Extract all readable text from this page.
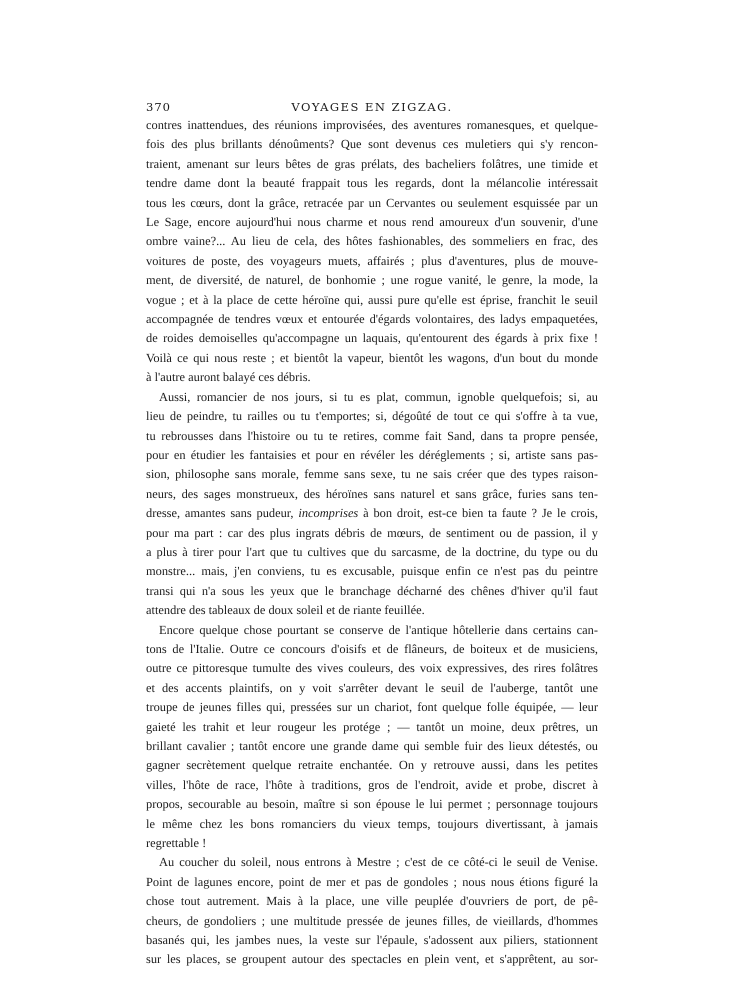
370	VOYAGES EN ZIGZAG.
contres inattendues, des réunions improvisées, des aventures romanesques, et quelque-
fois des plus brillants dénoûments? Que sont devenus ces muletiers qui s'y rencon-
traient, amenant sur leurs bêtes de gras prélats, des bacheliers folâtres, une timide et
tendre dame dont la beauté frappait tous les regards, dont la mélancolie intéressait
tous les cœurs, dont la grâce, retracée par un Cervantes ou seulement esquissée par un
Le Sage, encore aujourd'hui nous charme et nous rend amoureux d'un souvenir, d'une
ombre vaine?... Au lieu de cela, des hôtes fashionables, des sommeliers en frac, des
voitures de poste, des voyageurs muets, affairés ; plus d'aventures, plus de mouve-
ment, de diversité, de naturel, de bonhomie ; une rogue vanité, le genre, la mode, la
vogue ; et à la place de cette héroïne qui, aussi pure qu'elle est éprise, franchit le seuil
accompagnée de tendres vœux et entourée d'égards volontaires, des ladys empaquetées,
de roides demoiselles qu'accompagne un laquais, qu'entourent des égards à prix fixe !
Voilà ce qui nous reste ; et bientôt la vapeur, bientôt les wagons, d'un bout du monde
à l'autre auront balayé ces débris.
Aussi, romancier de nos jours, si tu es plat, commun, ignoble quelquefois; si, au
lieu de peindre, tu railles ou tu t'emportes; si, dégoûté de tout ce qui s'offre à ta vue,
tu rebrousses dans l'histoire ou tu te retires, comme fait Sand, dans ta propre pensée,
pour en étudier les fantaisies et pour en révéler les déréglements ; si, artiste sans pas-
sion, philosophe sans morale, femme sans sexe, tu ne sais créer que des types raison-
neurs, des sages monstrueux, des héroïnes sans naturel et sans grâce, furies sans ten-
dresse, amantes sans pudeur, incomprises à bon droit, est-ce bien ta faute ? Je le crois,
pour ma part : car des plus ingrats débris de mœurs, de sentiment ou de passion, il y
a plus à tirer pour l'art que tu cultives que du sarcasme, de la doctrine, du type ou du
monstre... mais, j'en conviens, tu es excusable, puisque enfin ce n'est pas du peintre
transi qui n'a sous les yeux que le branchage décharné des chênes d'hiver qu'il faut
attendre des tableaux de doux soleil et de riante feuillée.
Encore quelque chose pourtant se conserve de l'antique hôtellerie dans certains can-
tons de l'Italie. Outre ce concours d'oisifs et de flâneurs, de boiteux et de musiciens,
outre ce pittoresque tumulte des vives couleurs, des voix expressives, des rires folâtres
et des accents plaintifs, on y voit s'arrêter devant le seuil de l'auberge, tantôt une
troupe de jeunes filles qui, pressées sur un chariot, font quelque folle équipée, — leur
gaieté les trahit et leur rougeur les protége ; — tantôt un moine, deux prêtres, un
brillant cavalier ; tantôt encore une grande dame qui semble fuir des lieux détestés, ou
gagner secrètement quelque retraite enchantée. On y retrouve aussi, dans les petites
villes, l'hôte de race, l'hôte à traditions, gros de l'endroit, avide et probe, discret à
propos, secourable au besoin, maître si son épouse le lui permet ; personnage toujours
le même chez les bons romanciers du vieux temps, toujours divertissant, à jamais
regrettable !
Au coucher du soleil, nous entrons à Mestre ; c'est de ce côté-ci le seuil de Venise.
Point de lagunes encore, point de mer et pas de gondoles ; nous nous étions figuré la
chose tout autrement. Mais à la place, une ville peuplée d'ouvriers de port, de pê-
cheurs, de gondoliers ; une multitude pressée de jeunes filles, de vieillards, d'hommes
basanés qui, les jambes nues, la veste sur l'épaule, s'adossent aux piliers, stationnent
sur les places, se groupent autour des spectacles en plein vent, et s'apprêtent, au sor-
